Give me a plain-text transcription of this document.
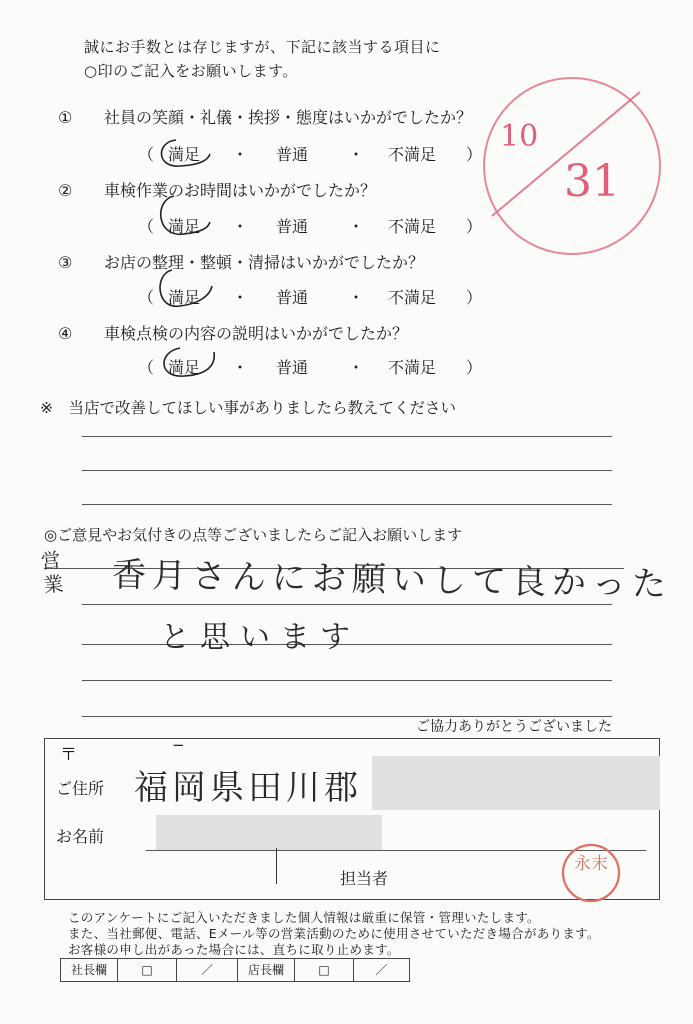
誠にお手数とは存じますが、下記に該当する項目に
○印のご記入をお願いします。
10
31
① 社員の笑顔・礼儀・挨拶・態度はいかがでしたか？
（ 満足 ・ 普通 ・ 不満足 ）
② 車検作業のお時間はいかがでしたか？
（ 満足 ・ 普通 ・ 不満足 ）
③ お店の整理・整頓・清掃はいかがでしたか？
（ 満足 ・ 普通 ・ 不満足 ）
④ 車検点検の内容の説明はいかがでしたか？
（ 満足 ・ 普通 ・ 不満足 ）
※　当店で改善してほしい事がありましたら教えてください
◎ご意見やお気付きの点等ございましたらご記入お願いします
営業 香月さんにお願いして良かった
と思います
ご協力ありがとうございました
〒	−
ご住所 福岡県田川郡
お名前
担当者
永末
このアンケートにご記入いただきました個人情報は厳重に保管・管理いたします。
また、当社郵便、電話、Eメール等の営業活動のために使用させていただき場合があります。
お客様の申し出があった場合には、直ちに取り止めます。
社長欄	□	／	店長欄	□	／
